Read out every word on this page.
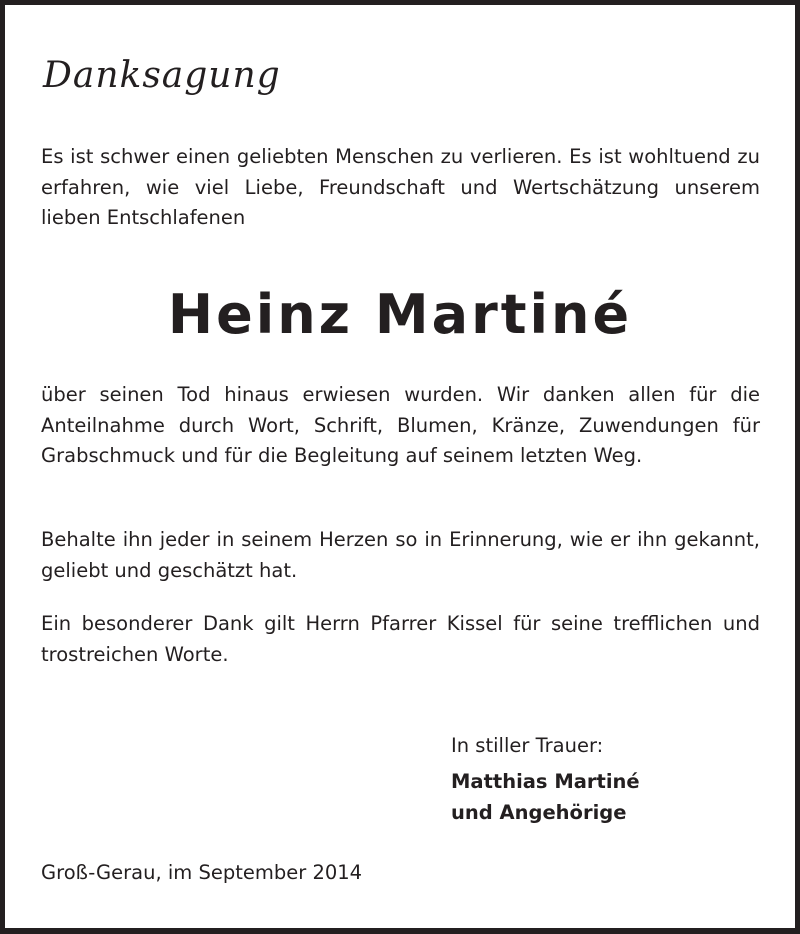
Danksagung

Es ist schwer einen geliebten Menschen zu verlieren. Es ist wohltuend zu erfahren, wie viel Liebe, Freundschaft und Wertschätzung unserem lieben Entschlafenen

Heinz Martiné

über seinen Tod hinaus erwiesen wurden. Wir danken allen für die Anteilnahme durch Wort, Schrift, Blumen, Kränze, Zuwendungen für Grabschmuck und für die Begleitung auf seinem letzten Weg.

Behalte ihn jeder in seinem Herzen so in Erinnerung, wie er ihn gekannt, geliebt und geschätzt hat.

Ein besonderer Dank gilt Herrn Pfarrer Kissel für seine trefflichen und trostreichen Worte.

In stiller Trauer:
Matthias Martiné
und Angehörige
Groß-Gerau, im September 2014
